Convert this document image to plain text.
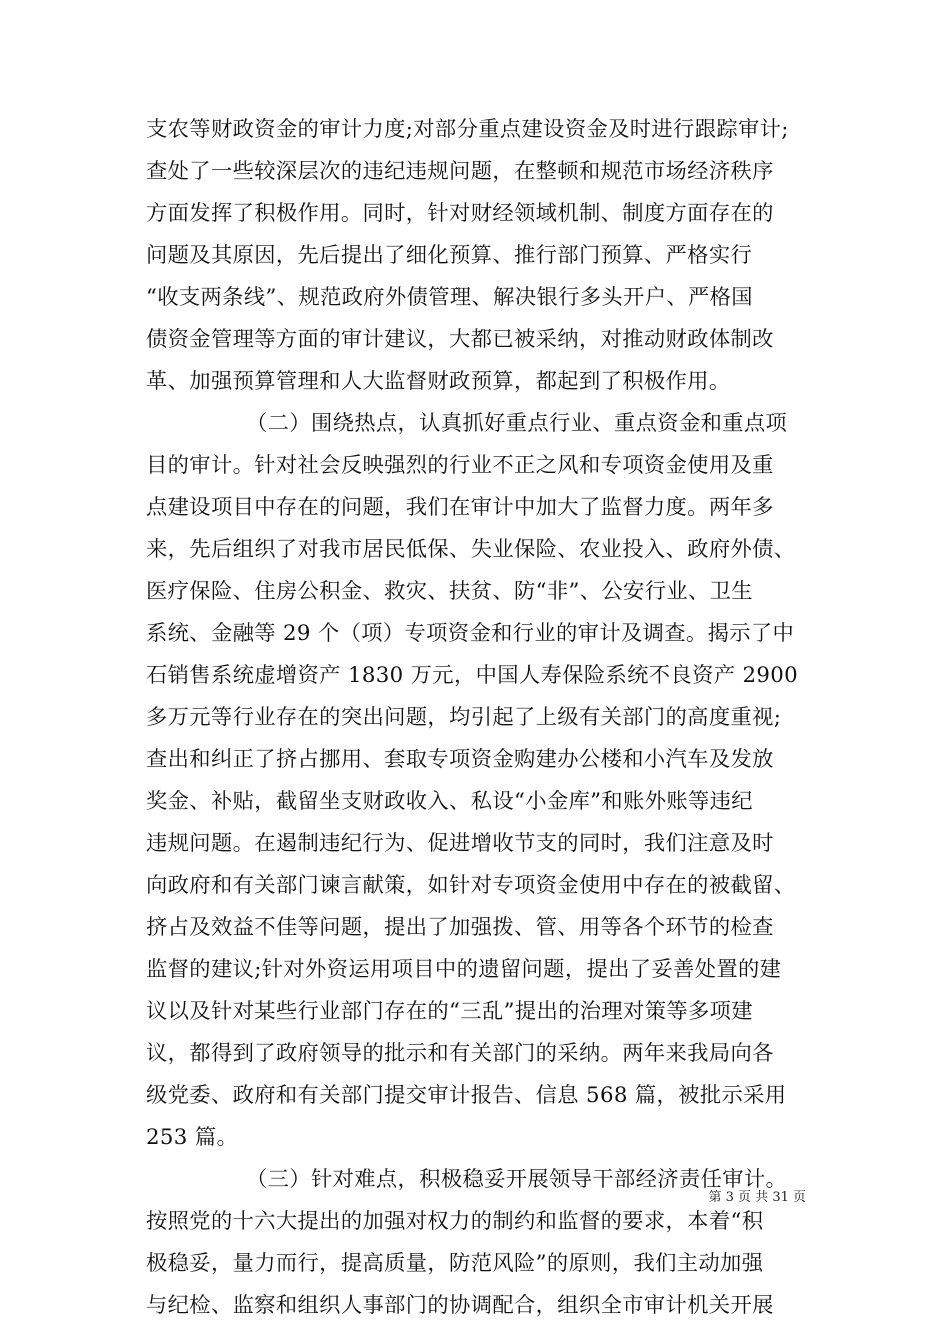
支农等财政资金的审计力度;对部分重点建设资金及时进行跟踪审计;
查处了一些较深层次的违纪违规问题，在整顿和规范市场经济秩序
方面发挥了积极作用。同时，针对财经领域机制、制度方面存在的
问题及其原因，先后提出了细化预算、推行部门预算、严格实行
“收支两条线”、规范政府外债管理、解决银行多头开户、严格国
债资金管理等方面的审计建议，大都已被采纳，对推动财政体制改
革、加强预算管理和人大监督财政预算，都起到了积极作用。
（二）围绕热点，认真抓好重点行业、重点资金和重点项
目的审计。针对社会反映强烈的行业不正之风和专项资金使用及重
点建设项目中存在的问题，我们在审计中加大了监督力度。两年多
来，先后组织了对我市居民低保、失业保险、农业投入、政府外债、
医疗保险、住房公积金、救灾、扶贫、防“非”、公安行业、卫生
系统、金融等 29 个（项）专项资金和行业的审计及调查。揭示了中
石销售系统虚增资产 1830 万元，中国人寿保险系统不良资产 2900
多万元等行业存在的突出问题，均引起了上级有关部门的高度重视;
查出和纠正了挤占挪用、套取专项资金购建办公楼和小汽车及发放
奖金、补贴，截留坐支财政收入、私设“小金库”和账外账等违纪
违规问题。在遏制违纪行为、促进增收节支的同时，我们注意及时
向政府和有关部门谏言献策，如针对专项资金使用中存在的被截留、
挤占及效益不佳等问题，提出了加强拨、管、用等各个环节的检查
监督的建议;针对外资运用项目中的遗留问题，提出了妥善处置的建
议以及针对某些行业部门存在的“三乱”提出的治理对策等多项建
议，都得到了政府领导的批示和有关部门的采纳。两年来我局向各
级党委、政府和有关部门提交审计报告、信息 568 篇，被批示采用
253 篇。
（三）针对难点，积极稳妥开展领导干部经济责任审计。
按照党的十六大提出的加强对权力的制约和监督的要求，本着“积
极稳妥，量力而行，提高质量，防范风险”的原则，我们主动加强
与纪检、监察和组织人事部门的协调配合，组织全市审计机关开展
第 3 页 共 31 页
